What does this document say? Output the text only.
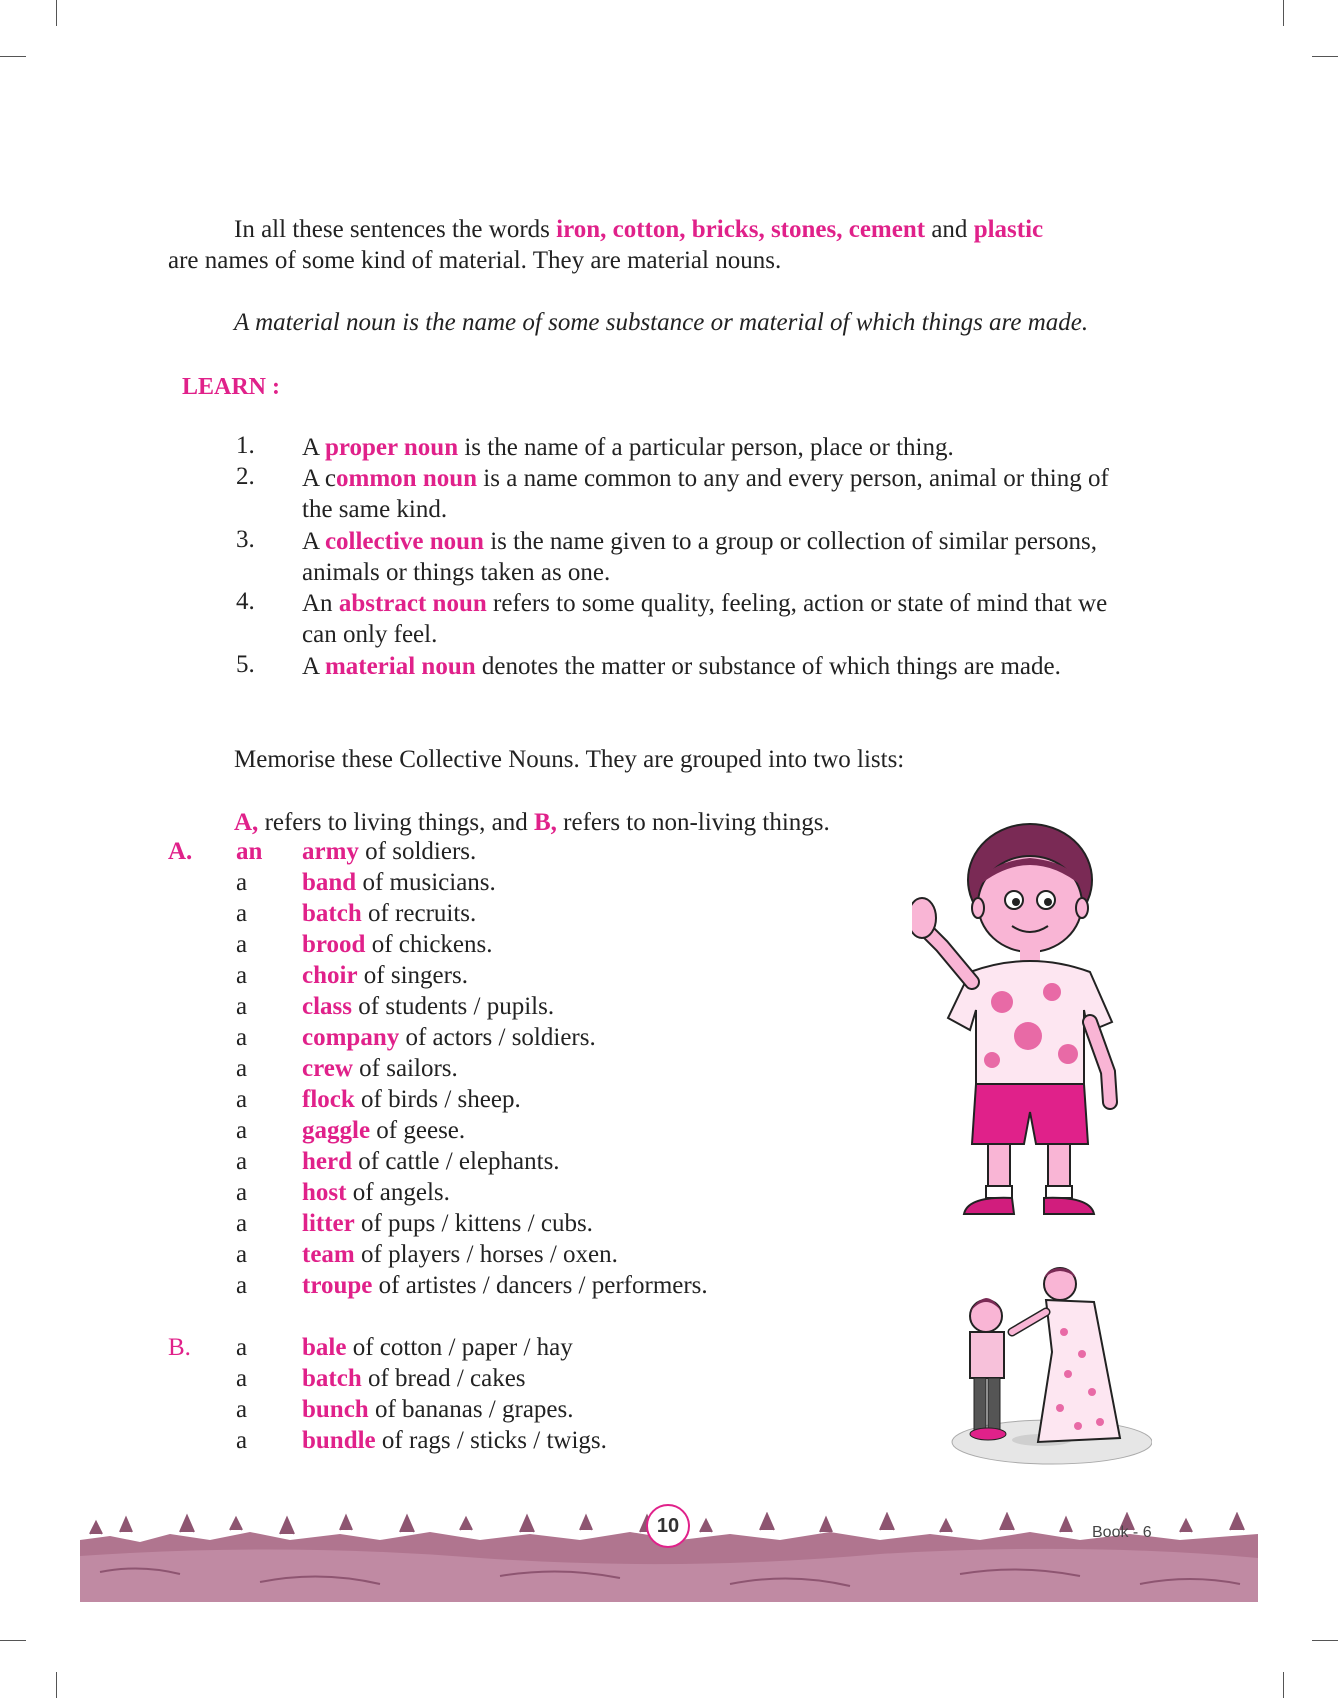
In all these sentences the words iron, cotton, bricks, stones, cement and plastic
are names of some kind of material. They are material nouns.
A material noun is the name of some substance or material of which things are made.
LEARN :
1.	A proper noun is the name of a particular person, place or thing.
2.	A common noun is a name common to any and every person, animal or thing of the same kind.
3.	A collective noun is the name given to a group or collection of similar persons, animals or things taken as one.
4.	An abstract noun refers to some quality, feeling, action or state of mind that we can only feel.
5.	A material noun denotes the matter or substance of which things are made.
Memorise these Collective Nouns. They are grouped into two lists:
A, refers to living things, and B, refers to non-living things.
A. an army of soldiers.
a band of musicians.
a batch of recruits.
a brood of chickens.
a choir of singers.
a class of students / pupils.
a company of actors / soldiers.
a crew of sailors.
a flock of birds / sheep.
a gaggle of geese.
a herd of cattle / elephants.
a host of angels.
a litter of pups / kittens / cubs.
a team of players / horses / oxen.
a troupe of artistes / dancers / performers.
B. a bale of cotton / paper / hay
a batch of bread / cakes
a bunch of bananas / grapes.
a bundle of rags / sticks / twigs.
10	Book - 6
